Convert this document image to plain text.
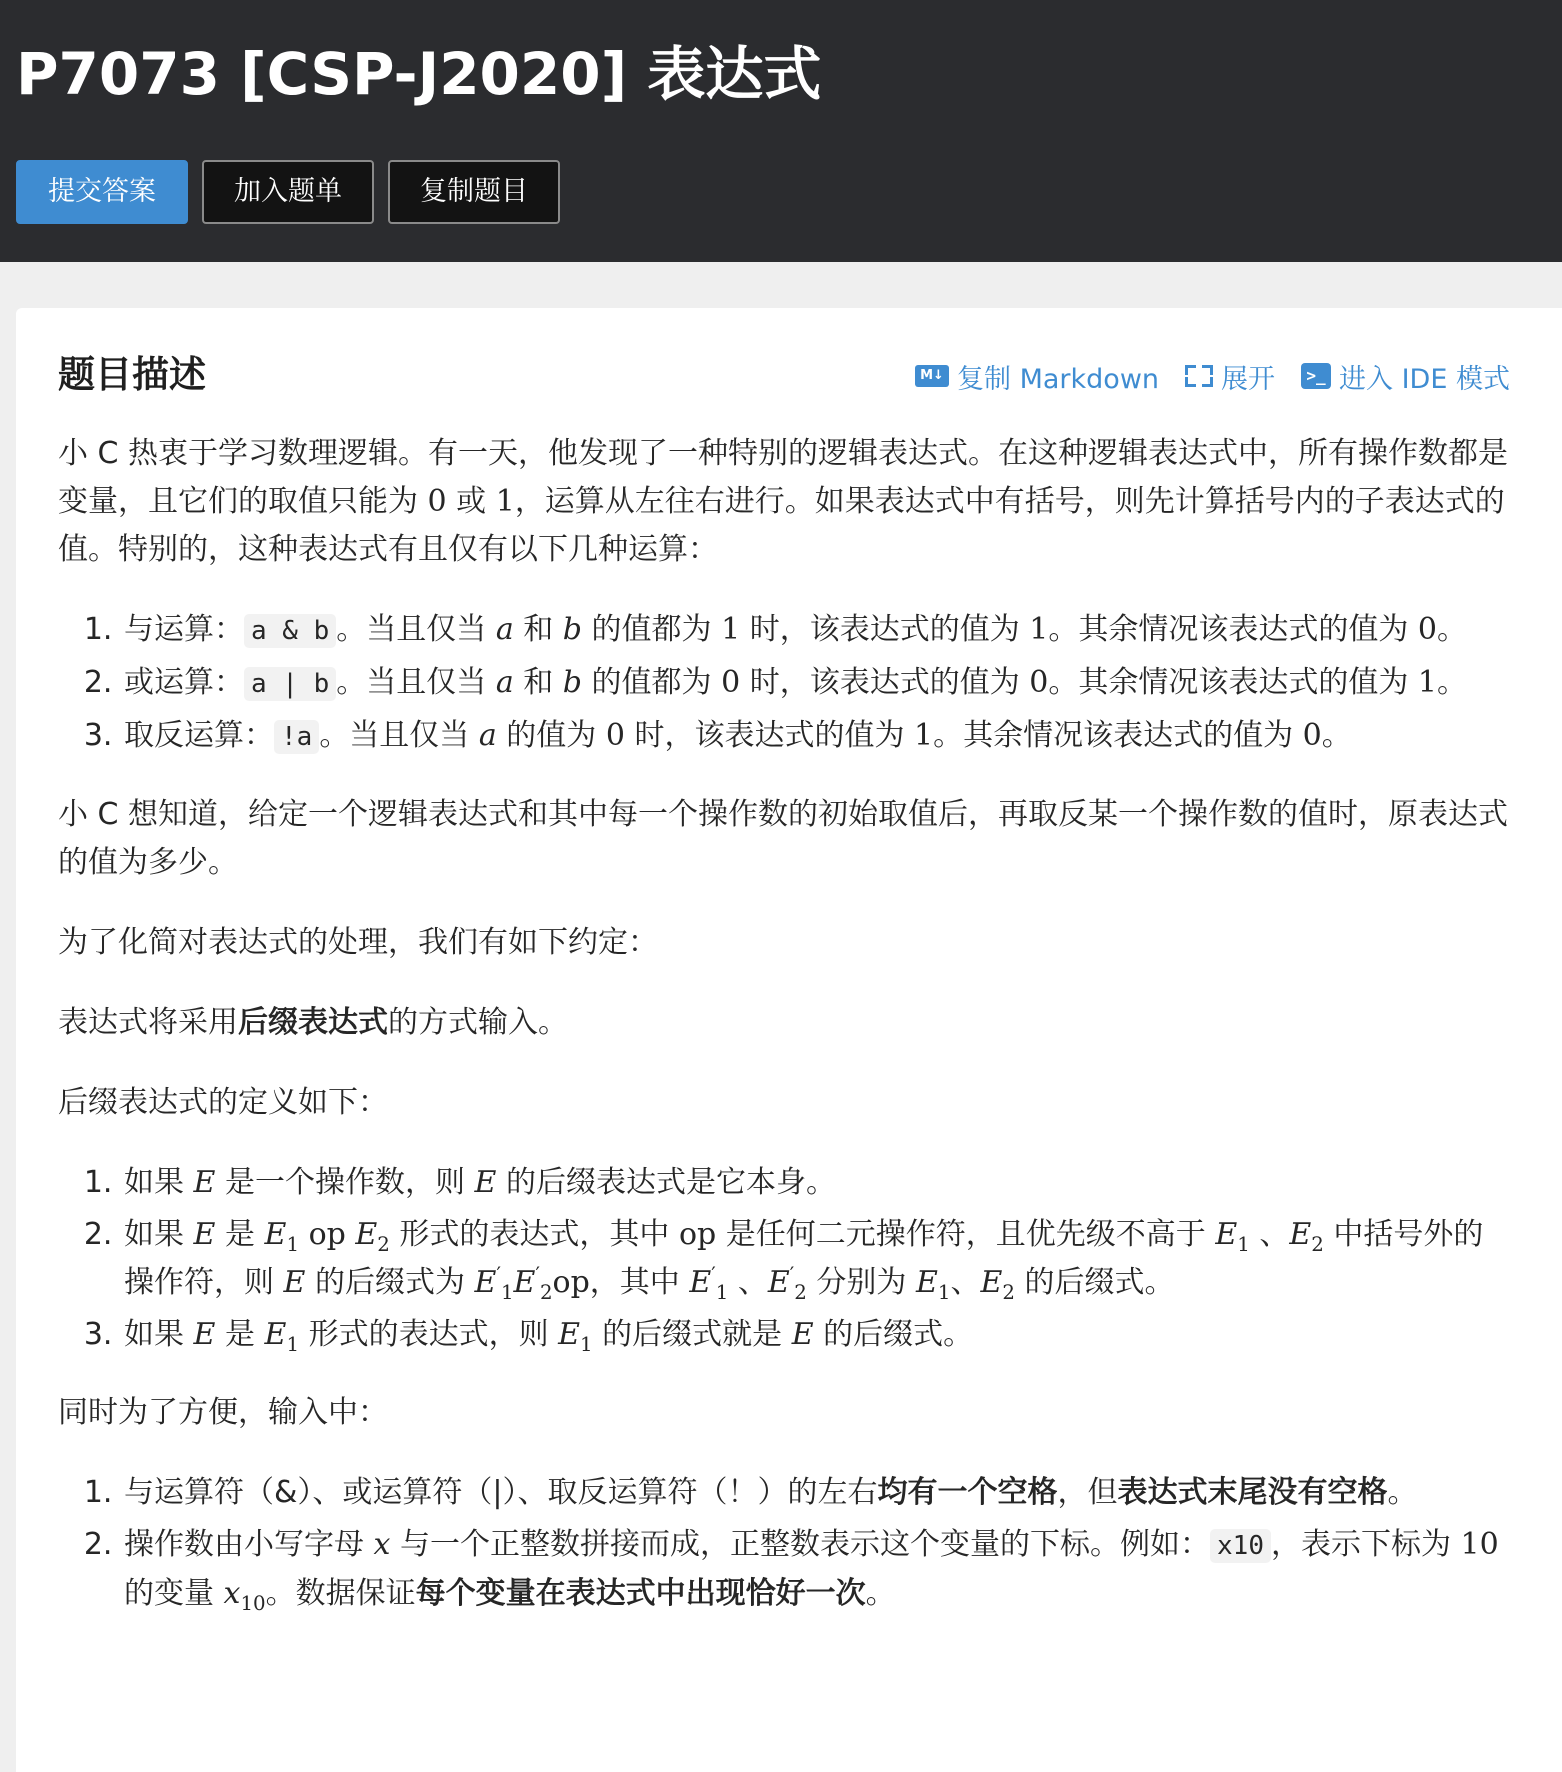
P7073 [CSP-J2020] 表达式
提交答案	加入题单	复制题目
题目描述	M↓ 复制 Markdown 展开	>_ 进入 IDE 模式

小 C 热衷于学习数理逻辑。有一天，他发现了一种特别的逻辑表达式。在这种逻辑表达式中，所有操作数都是变量，且它们的取值只能为 0 或 1，运算从左往右进行。如果表达式中有括号，则先计算括号内的子表达式的值。特别的，这种表达式有且仅有以下几种运算：

1. 与运算： a & b 。当且仅当 a 和 b 的值都为 1 时，该表达式的值为 1。其余情况该表达式的值为 0。
2. 或运算： a | b 。当且仅当 a 和 b 的值都为 0 时，该表达式的值为 0。其余情况该表达式的值为 1。
3. 取反运算： !a 。当且仅当 a 的值为 0 时，该表达式的值为 1。其余情况该表达式的值为 0。

小 C 想知道，给定一个逻辑表达式和其中每一个操作数的初始取值后，再取反某一个操作数的值时，原表达式的值为多少。

为了化简对表达式的处理，我们有如下约定：

表达式将采用后缀表达式的方式输入。

后缀表达式的定义如下：

1. 如果 E 是一个操作数，则 E 的后缀表达式是它本身。
2. 如果 E 是 $E_1$ op $E_2$ 形式的表达式，其中 op 是任何二元操作符，且优先级不高于 $E_1$ 、$E_2$ 中括号外的操作符，则 E 的后缀式为 $E'_1E'_2op$，其中 $E'_1$ 、$E'_2$ 分别为 $E_1$、$E_2$ 的后缀式。
3. 如果 E 是 $E_1$ 形式的表达式，则 $E_1$ 的后缀式就是 E 的后缀式。

同时为了方便，输入中：

1. 与运算符（&）、或运算符（|）、取反运算符（！）的左右均有一个空格，但表达式末尾没有空格。
2. 操作数由小写字母 x 与一个正整数拼接而成，正整数表示这个变量的下标。例如： x10 ，表示下标为 10 的变量 $x_{10}$。数据保证每个变量在表达式中出现恰好一次。
